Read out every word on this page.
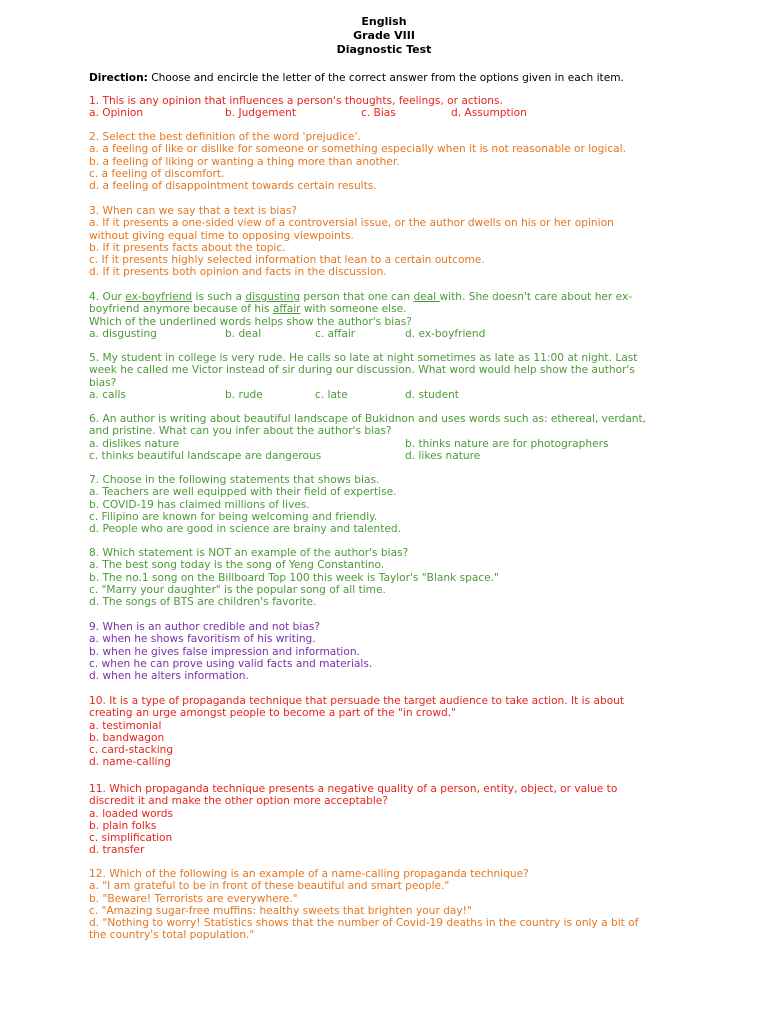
English
Grade VIII
Diagnostic Test
Direction: Choose and encircle the letter of the correct answer from the options given in each item.
1. This is any opinion that influences a person's thoughts, feelings, or actions.
a. Opinion	b. Judgement	c. Bias	d. Assumption
2. Select the best definition of the word 'prejudice'.
a. a feeling of like or dislike for someone or something especially when it is not reasonable or logical.
b. a feeling of liking or wanting a thing more than another.
c. a feeling of discomfort.
d. a feeling of disappointment towards certain results.
3. When can we say that a text is bias?
a. If it presents a one-sided view of a controversial issue, or the author dwells on his or her opinion
without giving equal time to opposing viewpoints.
b. If it presents facts about the topic.
c. If it presents highly selected information that lean to a certain outcome.
d. If it presents both opinion and facts in the discussion.
4. Our ex-boyfriend is such a disgusting person that one can deal with. She doesn't care about her ex-
boyfriend anymore because of his affair with someone else.
Which of the underlined words helps show the author's bias?
a. disgusting	b. deal	c. affair	d. ex-boyfriend
5. My student in college is very rude. He calls so late at night sometimes as late as 11:00 at night. Last
week he called me Victor instead of sir during our discussion. What word would help show the author's
bias?
a. calls	b. rude	c. late	d. student
6. An author is writing about beautiful landscape of Bukidnon and uses words such as: ethereal, verdant,
and pristine. What can you infer about the author's bias?
a. dislikes nature	b. thinks nature are for photographers
c. thinks beautiful landscape are dangerous	d. likes nature
7. Choose in the following statements that shows bias.
a. Teachers are well equipped with their field of expertise.
b. COVID-19 has claimed millions of lives.
c. Filipino are known for being welcoming and friendly.
d. People who are good in science are brainy and talented.
8. Which statement is NOT an example of the author's bias?
a. The best song today is the song of Yeng Constantino.
b. The no.1 song on the Billboard Top 100 this week is Taylor's "Blank space."
c. "Marry your daughter" is the popular song of all time.
d. The songs of BTS are children's favorite.
9. When is an author credible and not bias?
a. when he shows favoritism of his writing.
b. when he gives false impression and information.
c. when he can prove using valid facts and materials.
d. when he alters information.
10. It is a type of propaganda technique that persuade the target audience to take action. It is about
creating an urge amongst people to become a part of the "in crowd."
a. testimonial
b. bandwagon
c. card-stacking
d. name-calling
11. Which propaganda technique presents a negative quality of a person, entity, object, or value to
discredit it and make the other option more acceptable?
a. loaded words
b. plain folks
c. simplification
d. transfer
12. Which of the following is an example of a name-calling propaganda technique?
a. "I am grateful to be in front of these beautiful and smart people."
b. "Beware! Terrorists are everywhere."
c. "Amazing sugar-free muffins: healthy sweets that brighten your day!"
d. "Nothing to worry! Statistics shows that the number of Covid-19 deaths in the country is only a bit of
the country's total population."
